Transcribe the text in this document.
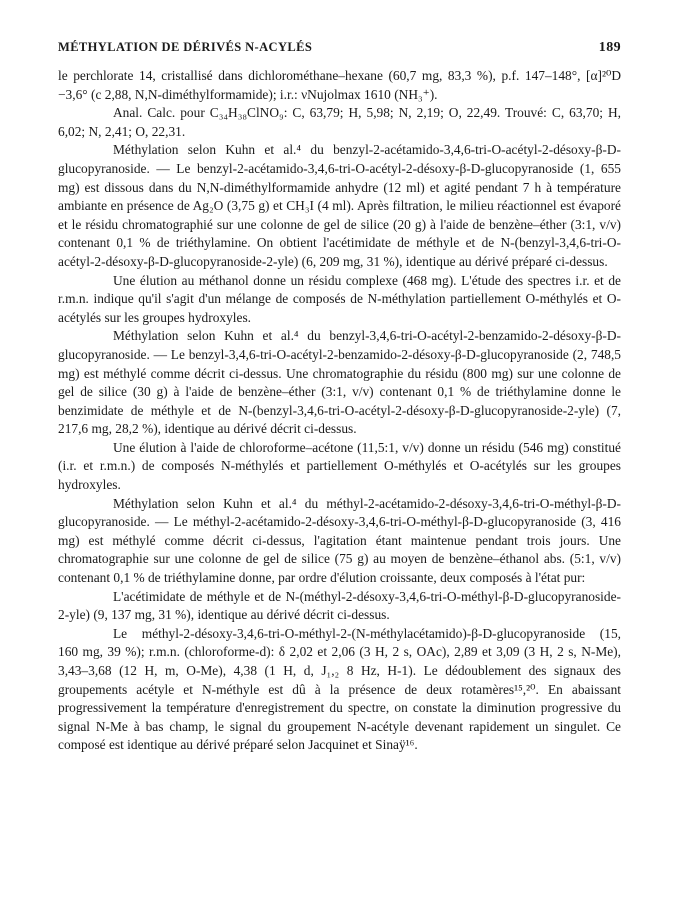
MÉTHYLATION DE DÉRIVÉS N-ACYLÉS	189

le perchlorate 14, cristallisé dans dichlorométhane–hexane (60,7 mg, 83,3 %), p.f. 147–148°, [α]²⁰D −3,6° (c 2,88, N,N-diméthylformamide); i.r.: νNujolmax 1610 (NH₃⁺).

Anal. Calc. pour C₃₄H₃₈ClNO₉: C, 63,79; H, 5,98; N, 2,19; O, 22,49. Trouvé: C, 63,70; H, 6,02; N, 2,41; O, 22,31.

Méthylation selon Kuhn et al.⁴ du benzyl-2-acétamido-3,4,6-tri-O-acétyl-2-désoxy-β-D-glucopyranoside. — Le benzyl-2-acétamido-3,4,6-tri-O-acétyl-2-désoxy-β-D-glucopyranoside (1, 655 mg) est dissous dans du N,N-diméthylformamide anhydre (12 ml) et agité pendant 7 h à température ambiante en présence de Ag₂O (3,75 g) et CH₃I (4 ml). Après filtration, le milieu réactionnel est évaporé et le résidu chromatographié sur une colonne de gel de silice (20 g) à l'aide de benzène–éther (3:1, v/v) contenant 0,1 % de triéthylamine. On obtient l'acétimidate de méthyle et de N-(benzyl-3,4,6-tri-O-acétyl-2-désoxy-β-D-glucopyranoside-2-yle) (6, 209 mg, 31 %), identique au dérivé préparé ci-dessus.

Une élution au méthanol donne un résidu complexe (468 mg). L'étude des spectres i.r. et de r.m.n. indique qu'il s'agit d'un mélange de composés de N-méthylation partiellement O-méthylés et O-acétylés sur les groupes hydroxyles.

Méthylation selon Kuhn et al.⁴ du benzyl-3,4,6-tri-O-acétyl-2-benzamido-2-désoxy-β-D-glucopyranoside. — Le benzyl-3,4,6-tri-O-acétyl-2-benzamido-2-désoxy-β-D-glucopyranoside (2, 748,5 mg) est méthylé comme décrit ci-dessus. Une chromatographie du résidu (800 mg) sur une colonne de gel de silice (30 g) à l'aide de benzène–éther (3:1, v/v) contenant 0,1 % de triéthylamine donne le benzimidate de méthyle et de N-(benzyl-3,4,6-tri-O-acétyl-2-désoxy-β-D-glucopyranoside-2-yle) (7, 217,6 mg, 28,2 %), identique au dérivé décrit ci-dessus.

Une élution à l'aide de chloroforme–acétone (11,5:1, v/v) donne un résidu (546 mg) constitué (i.r. et r.m.n.) de composés N-méthylés et partiellement O-méthylés et O-acétylés sur les groupes hydroxyles.

Méthylation selon Kuhn et al.⁴ du méthyl-2-acétamido-2-désoxy-3,4,6-tri-O-méthyl-β-D-glucopyranoside. — Le méthyl-2-acétamido-2-désoxy-3,4,6-tri-O-méthyl-β-D-glucopyranoside (3, 416 mg) est méthylé comme décrit ci-dessus, l'agitation étant maintenue pendant trois jours. Une chromatographie sur une colonne de gel de silice (75 g) au moyen de benzène–éthanol abs. (5:1, v/v) contenant 0,1 % de triéthylamine donne, par ordre d'élution croissante, deux composés à l'état pur:

L'acétimidate de méthyle et de N-(méthyl-2-désoxy-3,4,6-tri-O-méthyl-β-D-glucopyranoside-2-yle) (9, 137 mg, 31 %), identique au dérivé décrit ci-dessus.

Le méthyl-2-désoxy-3,4,6-tri-O-méthyl-2-(N-méthylacétamido)-β-D-glucopyranoside (15, 160 mg, 39 %); r.m.n. (chloroforme-d): δ 2,02 et 2,06 (3 H, 2 s, OAc), 2,89 et 3,09 (3 H, 2 s, N-Me), 3,43–3,68 (12 H, m, O-Me), 4,38 (1 H, d, J₁,₂ 8 Hz, H-1). Le dédoublement des signaux des groupements acétyle et N-méthyle est dû à la présence de deux rotamères¹⁵,²⁰. En abaissant progressivement la température d'enregistrement du spectre, on constate la diminution progressive du signal N-Me à bas champ, le signal du groupement N-acétyle devenant rapidement un singulet. Ce composé est identique au dérivé préparé selon Jacquinet et Sinaÿ¹⁶.
